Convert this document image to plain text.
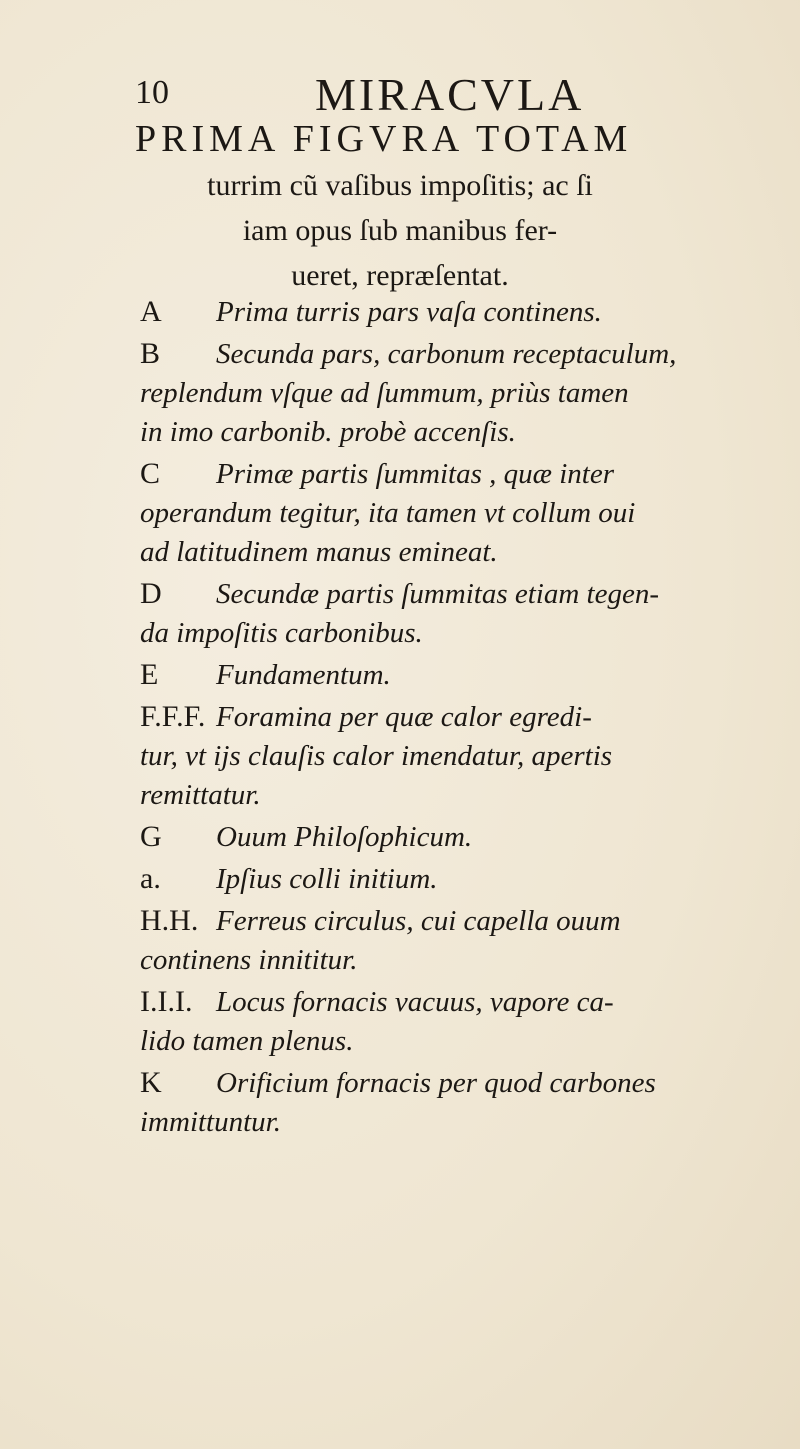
10	MIRACVLA
PRIMA FIGVRA TOTAM
turrim cũ vaſibus impoſitis; ac ſi
iam opus ſub manibus fer-
ueret, repræſentat.
A Prima turris pars vaſa continens.
B Secunda pars, carbonum receptaculum,
replendum vſque ad ſummum, priùs tamen
in imo carbonib. probè accenſis.
C Primæ partis ſummitas , quæ inter
operandum tegitur, ita tamen vt collum oui
ad latitudinem manus emineat.
D Secundæ partis ſummitas etiam tegen-
da impoſitis carbonibus.
E Fundamentum.
F.F.F. Foramina per quæ calor egredi-
tur, vt ijs clauſis calor imendatur, apertis
remittatur.
G Ouum Philoſophicum.
a. Ipſius colli initium.
H.H. Ferreus circulus, cui capella ouum
continens innititur.
I.I.I. Locus fornacis vacuus, vapore ca-
lido tamen plenus.
K Orificium fornacis per quod carbones
immittuntur.
